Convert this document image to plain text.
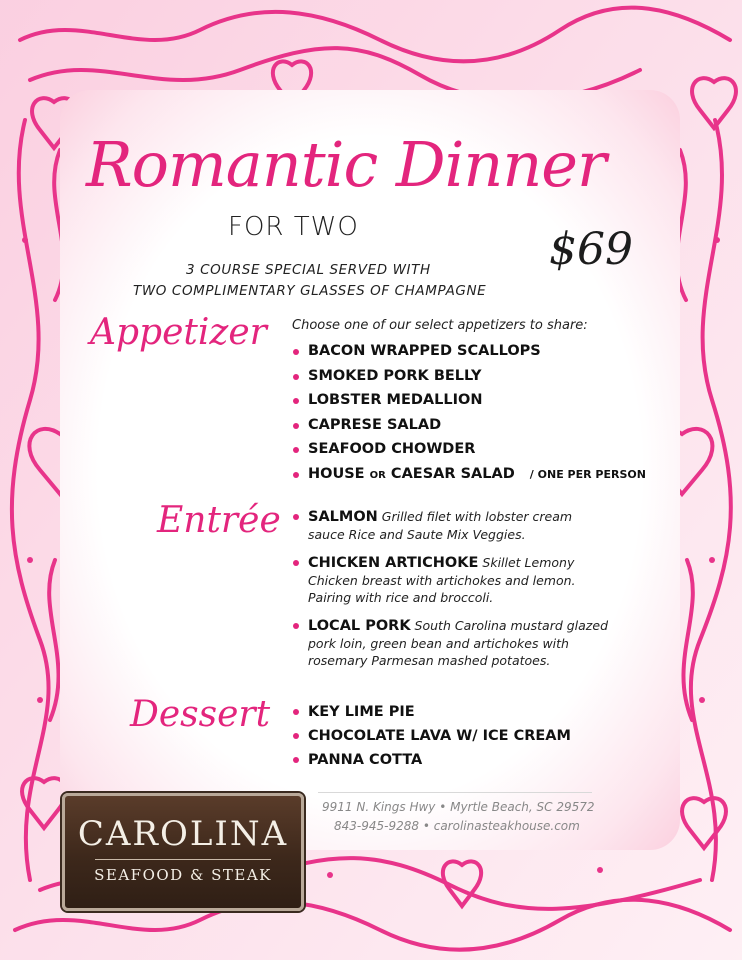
Romantic Dinner
FOR TWO	$69
3 COURSE SPECIAL SERVED WITH
TWO COMPLIMENTARY GLASSES OF CHAMPAGNE
Appetizer Choose one of our select appetizers to share:
BACON WRAPPED SCALLOPS
SMOKED PORK BELLY
LOBSTER MEDALLION
CAPRESE SALAD
SEAFOOD CHOWDER
HOUSE OR CAESAR SALAD / ONE PER PERSON
Entrée	SALMON Grilled filet with lobster cream sauce Rice and Saute Mix Veggies.
CHICKEN ARTICHOKE Skillet Lemony Chicken breast with artichokes and lemon. Pairing with rice and broccoli.
LOCAL PORK South Carolina mustard glazed pork loin, green bean and artichokes with rosemary Parmesan mashed potatoes.
Dessert	KEY LIME PIE
CHOCOLATE LAVA W/ ICE CREAM
PANNA COTTA
CAROLINA
SEAFOOD & STEAK
9911 N. Kings Hwy • Myrtle Beach, SC 29572
843-945-9288 • carolinasteakhouse.com
